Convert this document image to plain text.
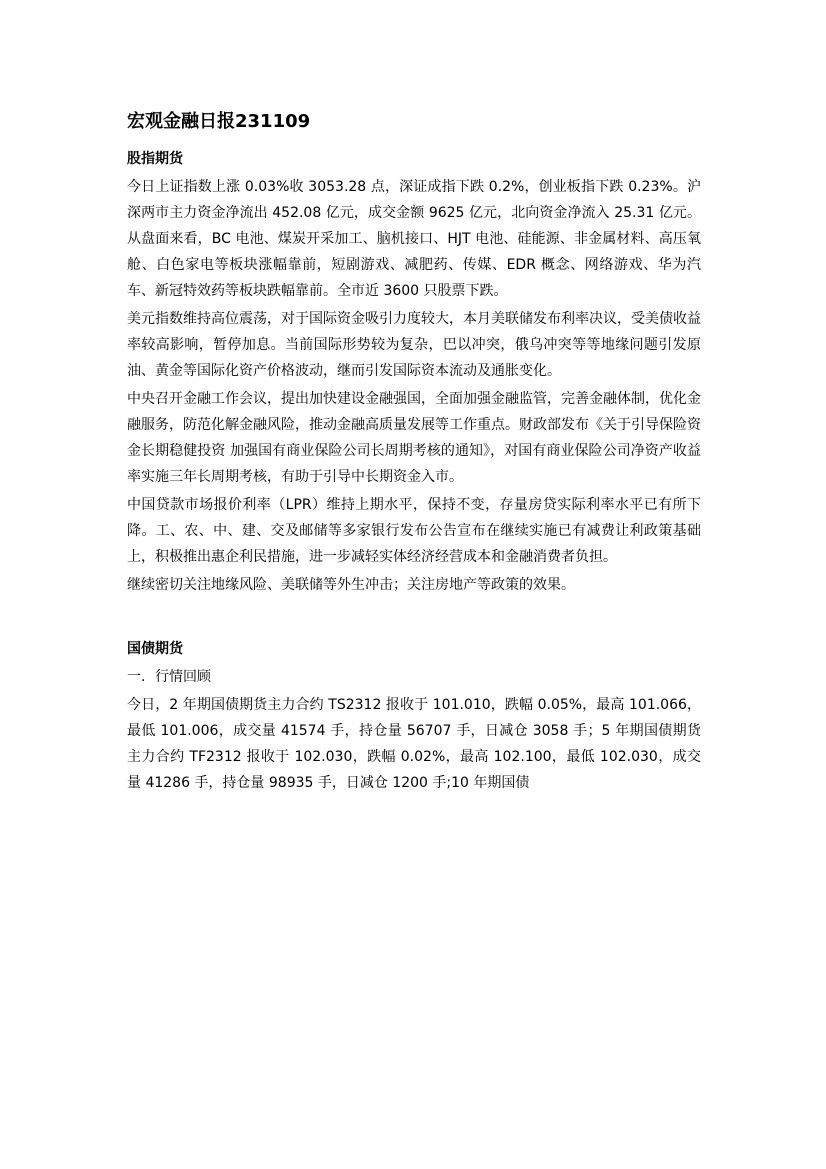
宏观金融日报231109
股指期货

今日上证指数上涨 0.03%收 3053.28 点，深证成指下跌 0.2%，创业板指下跌 0.23%。沪深两市主力资金净流出 452.08 亿元，成交金额 9625 亿元，北向资金净流入 25.31 亿元。从盘面来看，BC 电池、煤炭开采加工、脑机接口、HJT 电池、硅能源、非金属材料、高压氧舱、白色家电等板块涨幅靠前，短剧游戏、减肥药、传媒、EDR 概念、网络游戏、华为汽车、新冠特效药等板块跌幅靠前。全市近 3600 只股票下跌。

美元指数维持高位震荡，对于国际资金吸引力度较大，本月美联储发布利率决议，受美债收益率较高影响，暂停加息。当前国际形势较为复杂，巴以冲突，俄乌冲突等等地缘问题引发原油、黄金等国际化资产价格波动，继而引发国际资本流动及通胀变化。

中央召开金融工作会议，提出加快建设金融强国，全面加强金融监管，完善金融体制，优化金融服务，防范化解金融风险，推动金融高质量发展等工作重点。财政部发布《关于引导保险资金长期稳健投资 加强国有商业保险公司长周期考核的通知》，对国有商业保险公司净资产收益率实施三年长周期考核，有助于引导中长期资金入市。

中国贷款市场报价利率（LPR）维持上期水平，保持不变，存量房贷实际利率水平已有所下降。工、农、中、建、交及邮储等多家银行发布公告宣布在继续实施已有减费让利政策基础上，积极推出惠企利民措施，进一步减轻实体经济经营成本和金融消费者负担。

继续密切关注地缘风险、美联储等外生冲击；关注房地产等政策的效果。

国债期货

一．行情回顾

今日，2 年期国债期货主力合约 TS2312 报收于 101.010，跌幅 0.05%，最高 101.066，最低 101.006，成交量 41574 手，持仓量 56707 手，日减仓 3058 手；5 年期国债期货主力合约 TF2312 报收于 102.030，跌幅 0.02%，最高 102.100，最低 102.030，成交量 41286 手，持仓量 98935 手，日减仓 1200 手;10 年期国债
